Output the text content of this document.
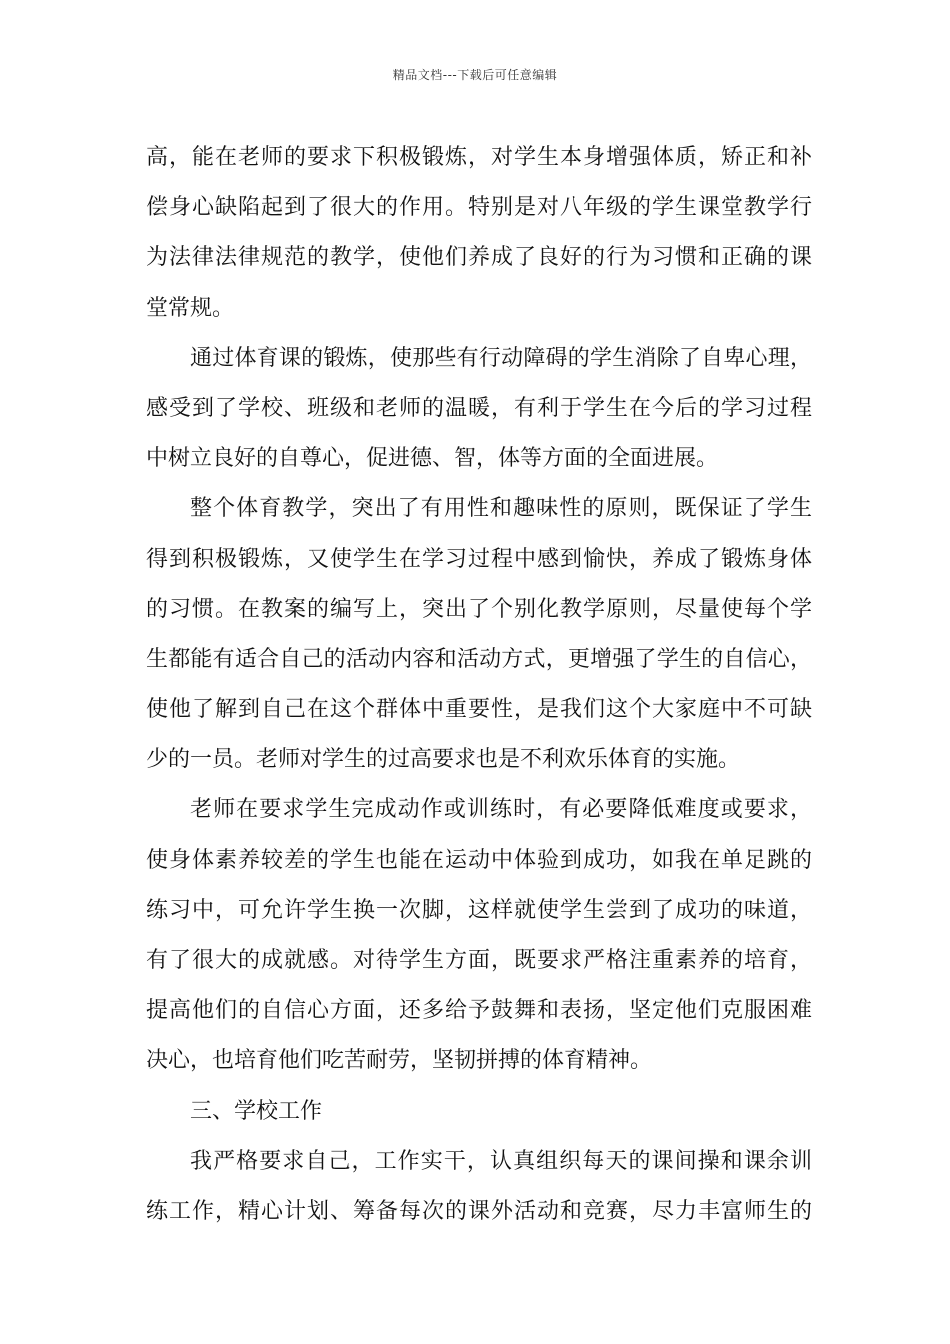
精品文档---下载后可任意编辑
高，能在老师的要求下积极锻炼，对学生本身增强体质，矫正和补
偿身心缺陷起到了很大的作用。特别是对八年级的学生课堂教学行
为法律法律规范的教学，使他们养成了良好的行为习惯和正确的课
堂常规。
通过体育课的锻炼，使那些有行动障碍的学生消除了自卑心理，
感受到了学校、班级和老师的温暖，有利于学生在今后的学习过程
中树立良好的自尊心，促进德、智，体等方面的全面进展。
整个体育教学，突出了有用性和趣味性的原则，既保证了学生
得到积极锻炼，又使学生在学习过程中感到愉快，养成了锻炼身体
的习惯。在教案的编写上，突出了个别化教学原则，尽量使每个学
生都能有适合自己的活动内容和活动方式，更增强了学生的自信心，
使他了解到自己在这个群体中重要性，是我们这个大家庭中不可缺
少的一员。老师对学生的过高要求也是不利欢乐体育的实施。
老师在要求学生完成动作或训练时，有必要降低难度或要求，
使身体素养较差的学生也能在运动中体验到成功，如我在单足跳的
练习中，可允许学生换一次脚，这样就使学生尝到了成功的味道，
有了很大的成就感。对待学生方面，既要求严格注重素养的培育，
提高他们的自信心方面，还多给予鼓舞和表扬，坚定他们克服困难
决心，也培育他们吃苦耐劳，坚韧拼搏的体育精神。
三、学校工作
我严格要求自己，工作实干，认真组织每天的课间操和课余训
练工作，精心计划、筹备每次的课外活动和竞赛，尽力丰富师生的
